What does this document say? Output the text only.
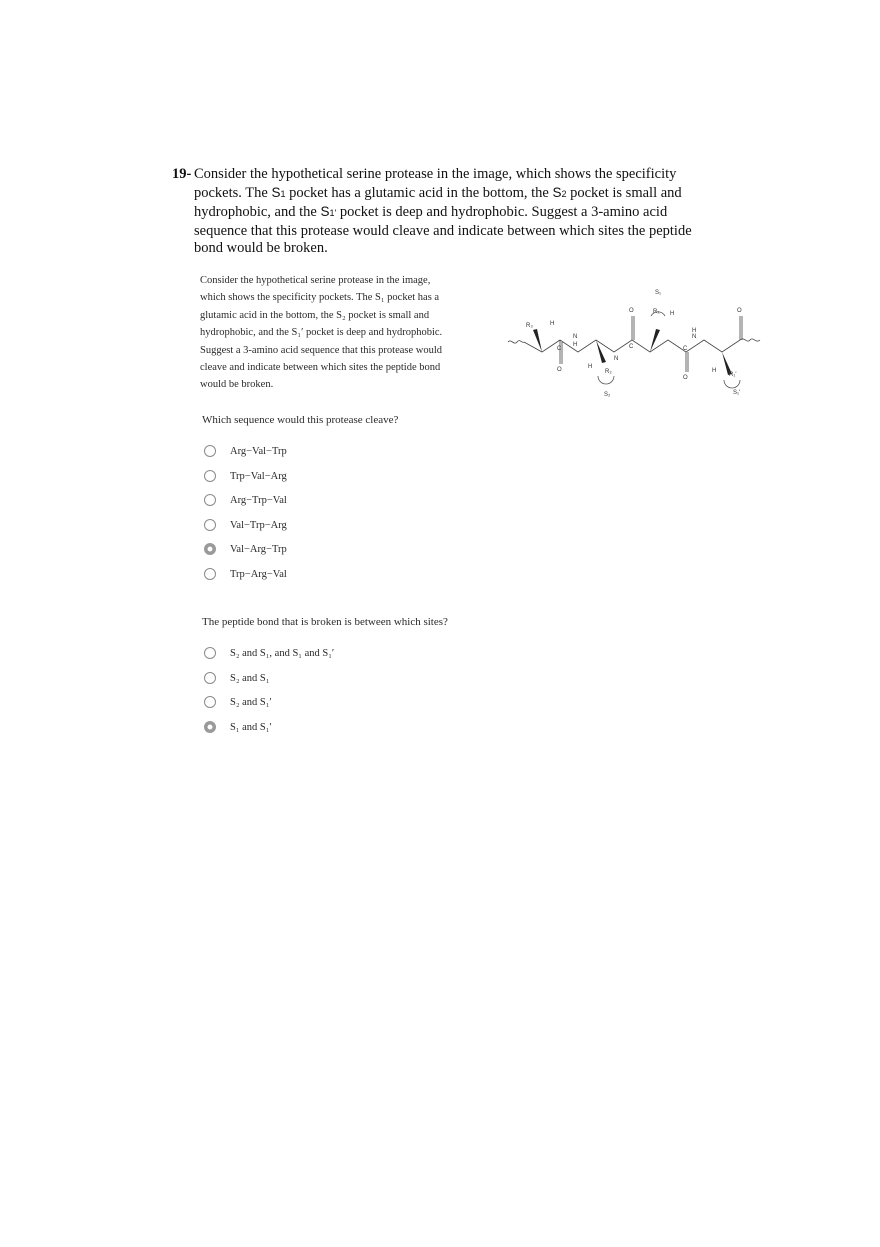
19- Consider the hypothetical serine protease in the image, which shows the specificity
pockets. The S1 pocket has a glutamic acid in the bottom, the S2 pocket is small and
hydrophobic, and the S1' pocket is deep and hydrophobic. Suggest a 3-amino acid
sequence that this protease would cleave and indicate between which sites the peptide
bond would be broken.
Consider the hypothetical serine protease in the image,
which shows the specificity pockets. The S₁ pocket has a
glutamic acid in the bottom, the S₂ pocket is small and
hydrophobic, and the S₁′ pocket is deep and hydrophobic.
Suggest a 3-amino acid sequence that this protease would
cleave and indicate between which sites the peptide bond
would be broken.
R₃	H
H
N
C
O	H
R₂
S₂
N
C
O	R₁
S₁
H
N
H
C
O
H
R₁'
S₁'
O
Which sequence would this protease cleave?
Arg−Val−Trp
Trp−Val−Arg
Arg−Trp−Val
Val−Trp−Arg
Val−Arg−Trp
Trp−Arg−Val
The peptide bond that is broken is between which sites?
S₂ and S₁, and S₁ and S₁′
S₂ and S₁
S₂ and S₁′
S₁ and S₁′
